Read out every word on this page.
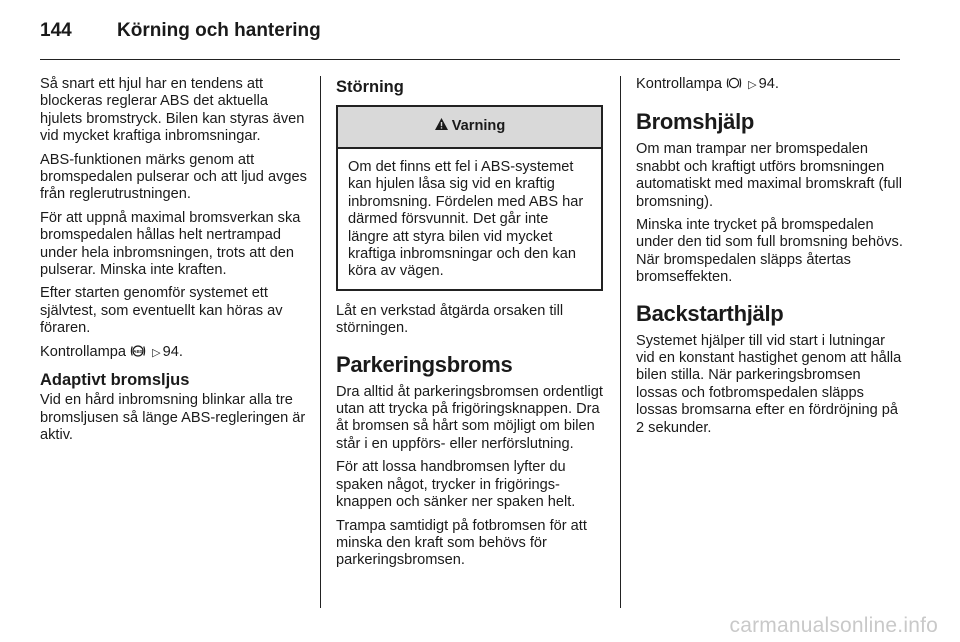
144 Körning och hantering

Så snart ett hjul har en tendens att blockeras reglerar ABS det aktuella hjulets bromstryck. Bilen kan styras även vid mycket kraftiga inbromsningar.

ABS-funktionen märks genom att bromspedalen pulserar och att ljud avges från reglerutrustningen.

För att uppnå maximal bromsverkan ska bromspedalen hållas helt nertrampad under hela inbromsningen, trots att den pulserar. Minska inte kraften.

Efter starten genomför systemet ett självtest, som eventuellt kan höras av föraren.

Kontrollampa ABS ▷ 94.

Adaptivt bromsljus

Vid en hård inbromsning blinkar alla tre bromsljusen så länge ABS-regleringen är aktiv.

Störning
Varning
Om det finns ett fel i ABS-systemet kan hjulen låsa sig vid en kraftig inbromsning. Fördelen med ABS har därmed försvunnit. Det går inte längre att styra bilen vid mycket kraftiga inbromsningar och den kan köra av vägen.

Låt en verkstad åtgärda orsaken till störningen.

Parkeringsbroms

Dra alltid åt parkeringsbromsen ordentligt utan att trycka på frigöringsknappen. Dra åt bromsen så hårt som möjligt om bilen står i en uppförs- eller nerförslutning.

För att lossa handbromsen lyfter du spaken något, trycker in frigöringsknappen och sänker ner spaken helt.

Trampa samtidigt på fotbromsen för att minska den kraft som behövs för parkeringsbromsen.

Kontrollampa ▷ 94.

Bromshjälp

Om man trampar ner bromspedalen snabbt och kraftigt utförs bromsningen automatiskt med maximal bromskraft (full bromsning).

Minska inte trycket på bromspedalen under den tid som full bromsning behövs. När bromspedalen släpps återtas bromseffekten.

Backstarthjälp

Systemet hjälper till vid start i lutningar vid en konstant hastighet genom att hålla bilen stilla. När parkeringsbromsen lossas och fotbromspedalen släpps lossas bromsarna efter en fördröjning på 2 sekunder.

carmanualsonline.info
